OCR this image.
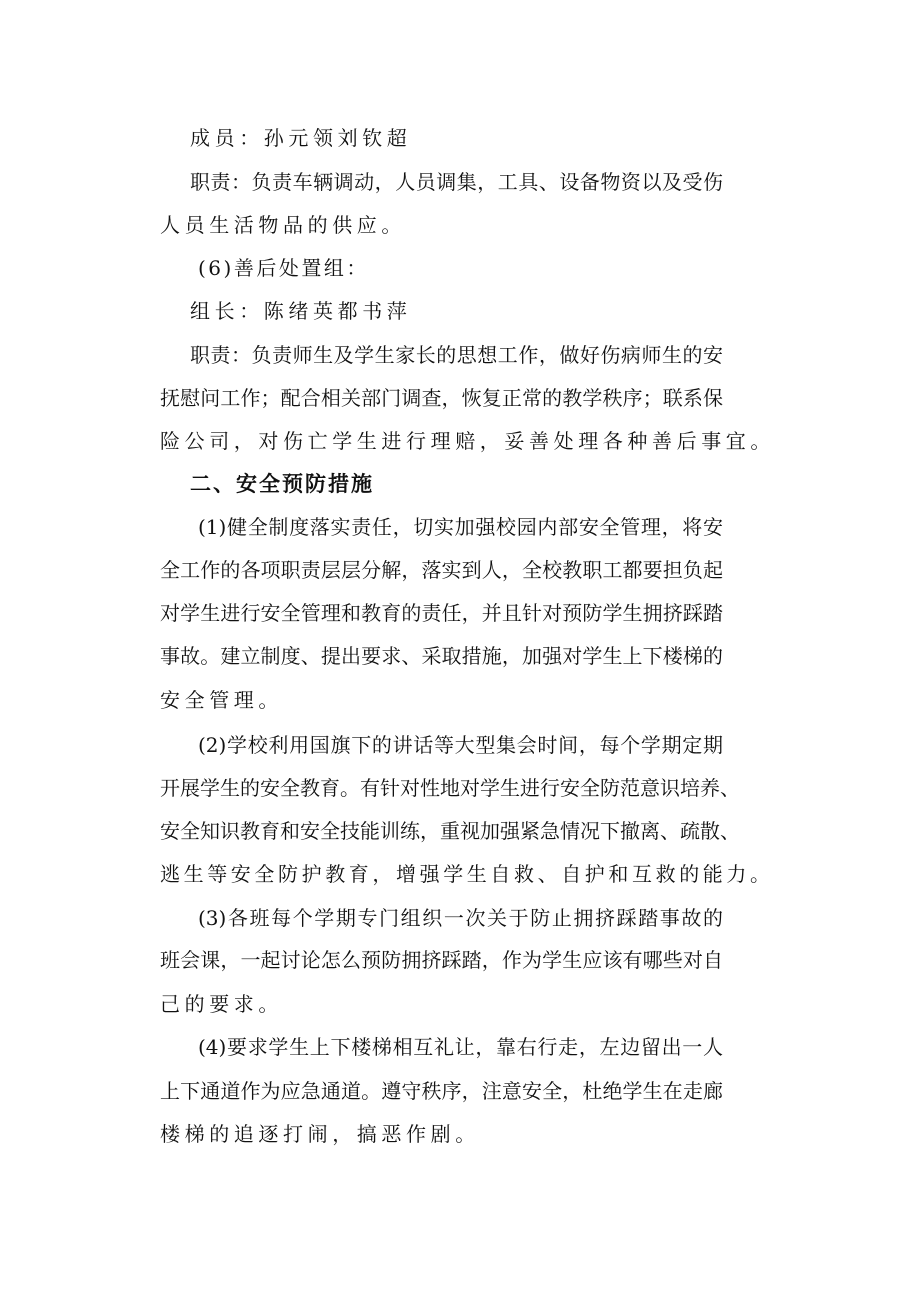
成员：孙元领刘钦超
职责：负责车辆调动，人员调集，工具、设备物资以及受伤
人员生活物品的供应。
(6)善后处置组：
组长：陈绪英都书萍
职责：负责师生及学生家长的思想工作，做好伤病师生的安
抚慰问工作；配合相关部门调查，恢复正常的教学秩序；联系保
险公司，对伤亡学生进行理赔，妥善处理各种善后事宜。
二、安全预防措施
(1)健全制度落实责任，切实加强校园内部安全管理，将安
全工作的各项职责层层分解，落实到人，全校教职工都要担负起
对学生进行安全管理和教育的责任，并且针对预防学生拥挤踩踏
事故。建立制度、提出要求、采取措施，加强对学生上下楼梯的
安全管理。
(2)学校利用国旗下的讲话等大型集会时间，每个学期定期
开展学生的安全教育。有针对性地对学生进行安全防范意识培养、
安全知识教育和安全技能训练，重视加强紧急情况下撤离、疏散、
逃生等安全防护教育，增强学生自救、自护和互救的能力。
(3)各班每个学期专门组织一次关于防止拥挤踩踏事故的
班会课，一起讨论怎么预防拥挤踩踏，作为学生应该有哪些对自
己的要求。
(4)要求学生上下楼梯相互礼让，靠右行走，左边留出一人
上下通道作为应急通道。遵守秩序，注意安全，杜绝学生在走廊
楼梯的追逐打闹，搞恶作剧。
